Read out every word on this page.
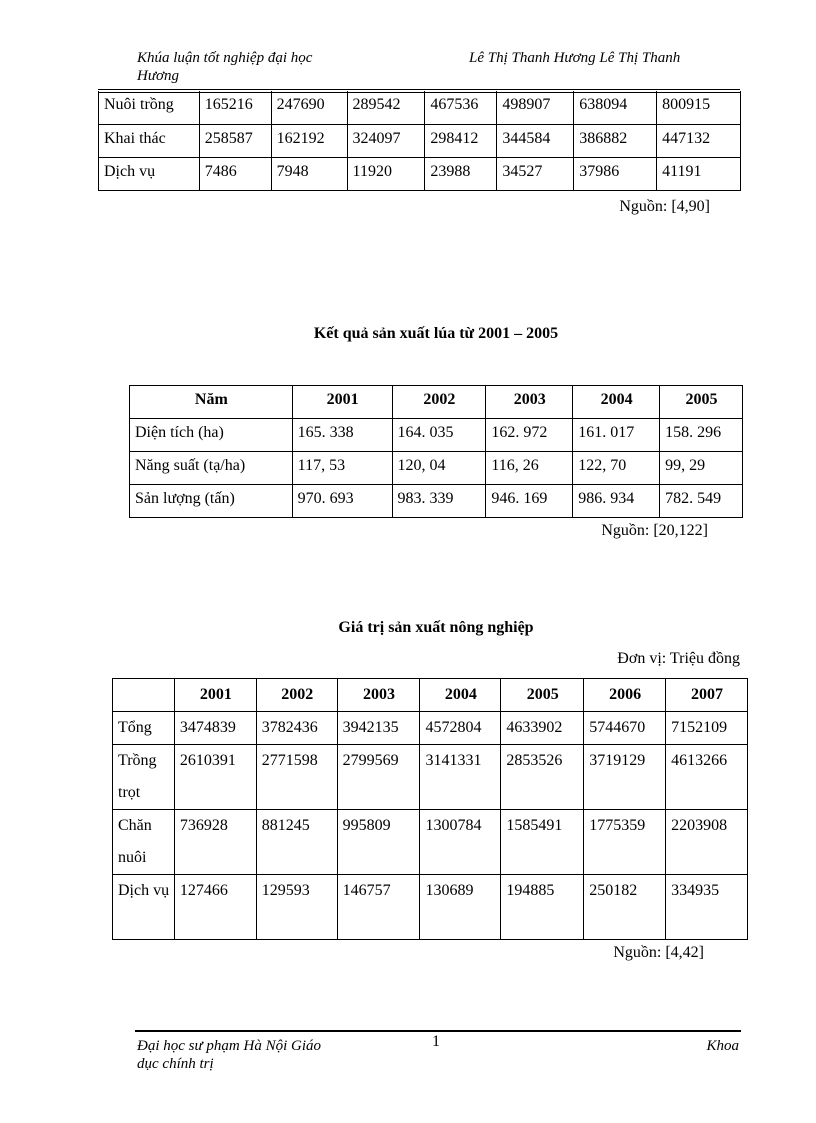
Khúa luận tốt nghiệp đại học Hương
Lê Thị Thanh Hương Lê Thị Thanh
Nuôi trồng	165216	247690	289542	467536	498907	638094	800915
Khai thác	258587	162192	324097	298412	344584	386882	447132
Dịch vụ	7486	7948	11920	23988	34527	37986	41191
Nguồn: [4,90]
Kết quả sản xuất lúa từ 2001 – 2005
Năm	2001	2002	2003	2004	2005
Diện tích (ha)	165. 338	164. 035	162. 972	161. 017	158. 296
Năng suất (tạ/ha)	117, 53	120, 04	116, 26	122, 70	99, 29
Sản lượng (tấn)	970. 693	983. 339	946. 169	986. 934	782. 549
Nguồn: [20,122]
Giá trị sản xuất nông nghiệp
Đơn vị: Triệu đồng
	2001	2002	2003	2004	2005	2006	2007
Tổng	3474839	3782436	3942135	4572804	4633902	5744670	7152109
Trồng trọt	2610391	2771598	2799569	3141331	2853526	3719129	4613266
Chăn nuôi	736928	881245	995809	1300784	1585491	1775359	2203908
Dịch vụ	127466	129593	146757	130689	194885	250182	334935
Nguồn: [4,42]
Đại học sư phạm Hà Nội Giáo dục chính trị
1	Khoa
